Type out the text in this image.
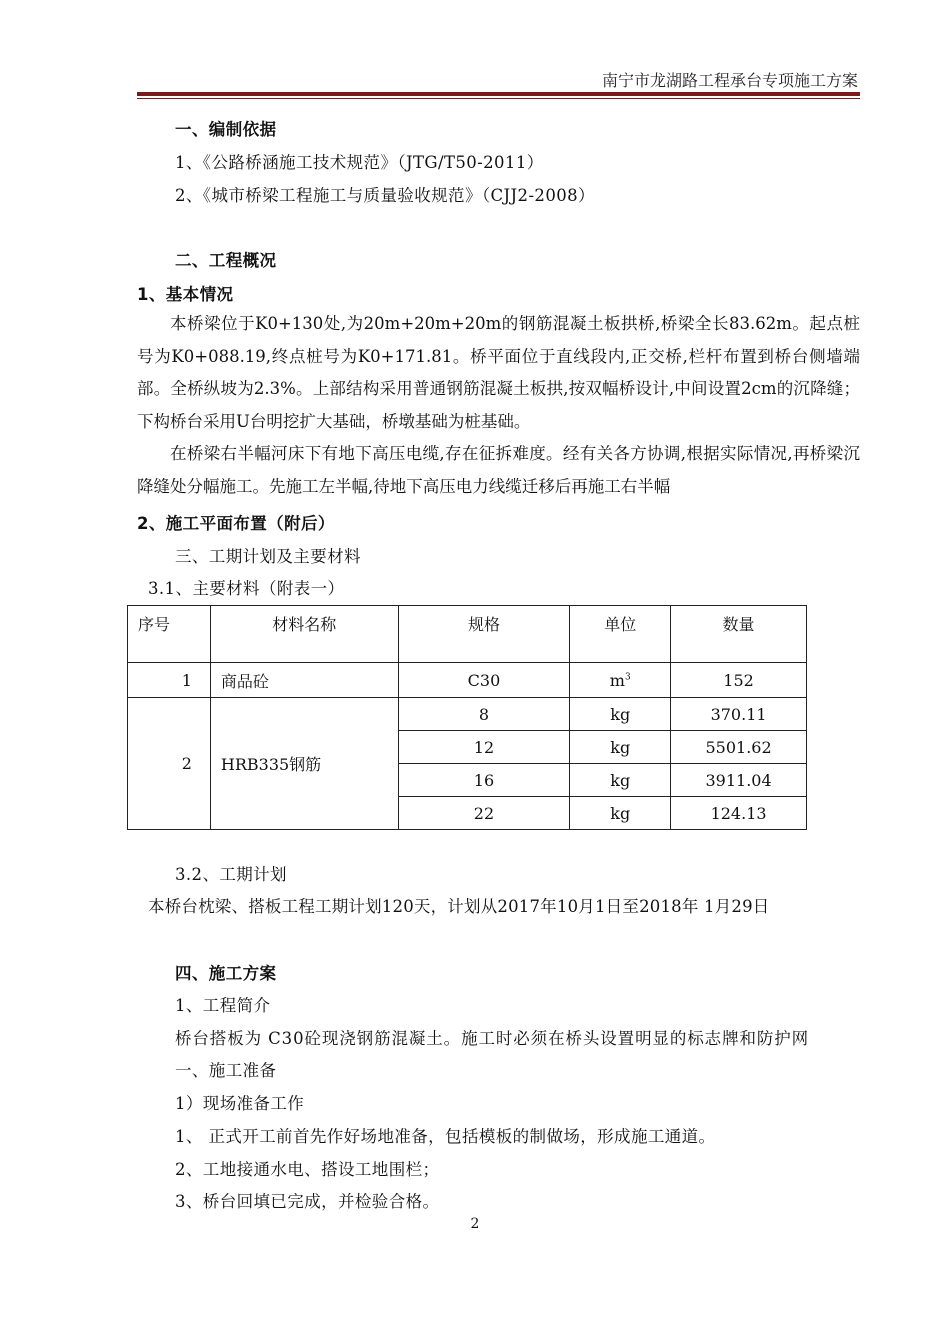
南宁市龙湖路工程承台专项施工方案
一、编制依据
1、《公路桥涵施工技术规范》（JTG/T50-2011）
2、《城市桥梁工程施工与质量验收规范》（CJJ2-2008）
二、工程概况
1、基本情况

本桥梁位于K0+130处,为20m+20m+20m的钢筋混凝土板拱桥,桥梁全长83.62m。起点桩号为K0+088.19,终点桩号为K0+171.81。桥平面位于直线段内,正交桥,栏杆布置到桥台侧墙端部。全桥纵坡为2.3%。上部结构采用普通钢筋混凝土板拱,按双幅桥设计,中间设置2cm的沉降缝；下构桥台采用U台明挖扩大基础，桥墩基础为桩基础。

在桥梁右半幅河床下有地下高压电缆,存在征拆难度。经有关各方协调,根据实际情况,再桥梁沉降缝处分幅施工。先施工左半幅,待地下高压电力线缆迁移后再施工右半幅

2、施工平面布置（附后）
三、工期计划及主要材料
3.1、主要材料（附表一）
序号	材料名称	规格	单位	数量
1	商品砼	C30	$m^3$	152
2	HRB335钢筋	8	kg	370.11
		12	kg	5501.62
		16	kg	3911.04
		22	kg	124.13
3.2、工期计划
本桥台枕梁、搭板工程工期计划120天，计划从2017年10月1日至2018年 1月29日
四、施工方案
1、工程简介
桥台搭板为 C30砼现浇钢筋混凝土。施工时必须在桥头设置明显的标志牌和防护网
一、施工准备
1）现场准备工作
1、 正式开工前首先作好场地准备，包括模板的制做场，形成施工通道。
2、工地接通水电、搭设工地围栏；
3、桥台回填已完成，并检验合格。
2
